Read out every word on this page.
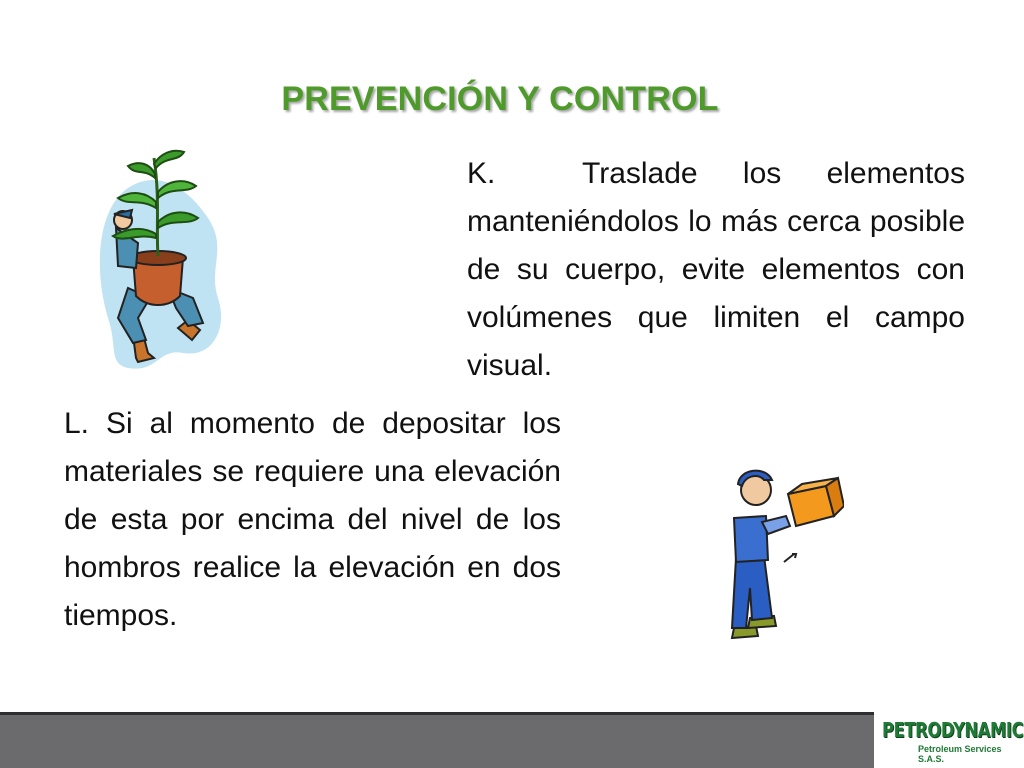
PREVENCIÓN Y CONTROL

K.	Traslade los elementos manteniéndolos lo más cerca posible de su cuerpo, evite elementos con volúmenes que limiten el campo visual.

L. Si al momento de depositar los materiales se requiere una elevación de esta por encima del nivel de los hombros realice la elevación en dos tiempos.

PETRODYNAMIC
Petroleum Services S.A.S.
